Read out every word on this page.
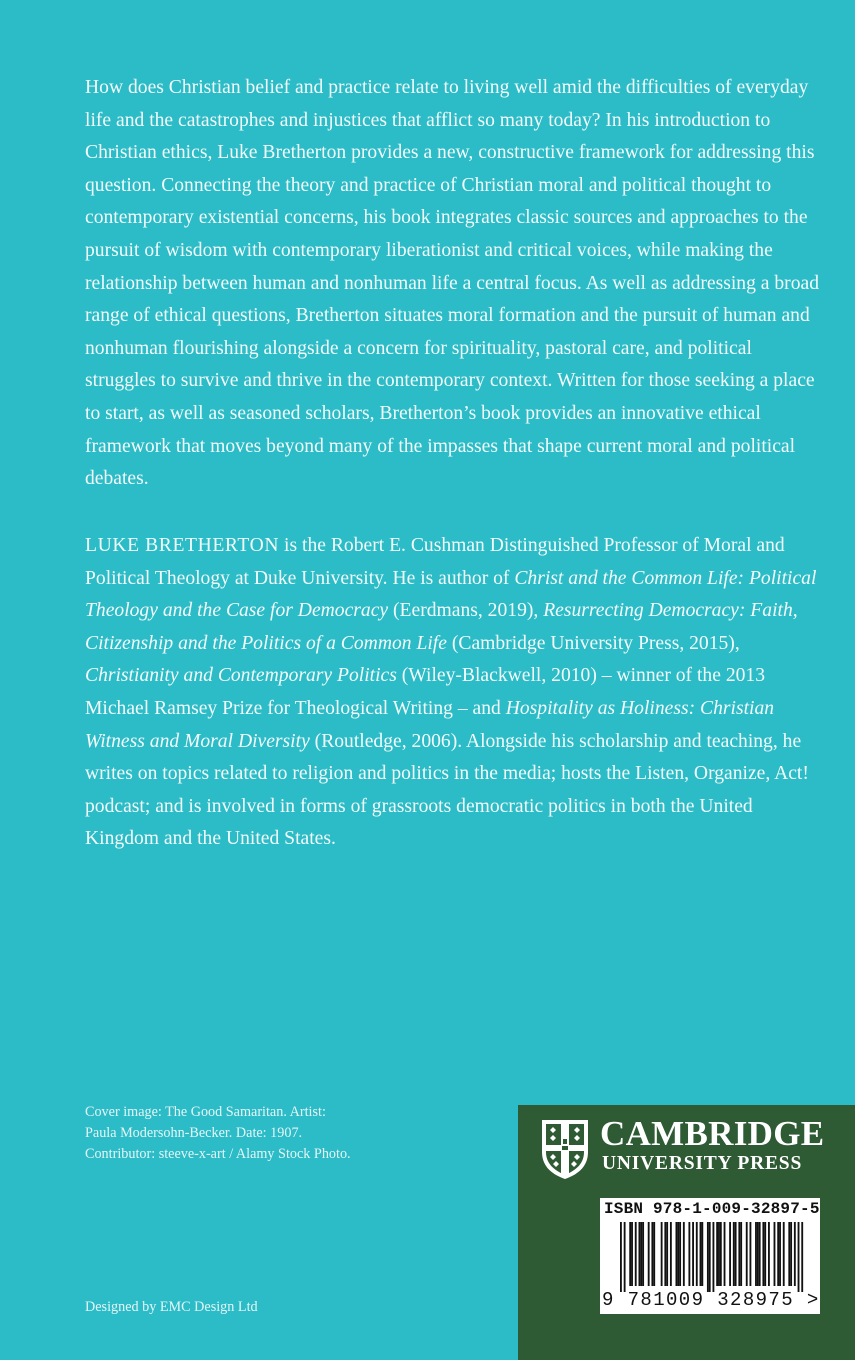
How does Christian belief and practice relate to living well amid the difficulties of everyday life and the catastrophes and injustices that afflict so many today? In his introduction to Christian ethics, Luke Bretherton provides a new, constructive framework for addressing this question. Connecting the theory and practice of Christian moral and political thought to contemporary existential concerns, his book integrates classic sources and approaches to the pursuit of wisdom with contemporary liberationist and critical voices, while making the relationship between human and nonhuman life a central focus. As well as addressing a broad range of ethical questions, Bretherton situates moral formation and the pursuit of human and nonhuman flourishing alongside a concern for spirituality, pastoral care, and political struggles to survive and thrive in the contemporary context. Written for those seeking a place to start, as well as seasoned scholars, Bretherton’s book provides an innovative ethical framework that moves beyond many of the impasses that shape current moral and political debates.

LUKE BRETHERTON is the Robert E. Cushman Distinguished Professor of Moral and Political Theology at Duke University. He is author of Christ and the Common Life: Political Theology and the Case for Democracy (Eerdmans, 2019), Resurrecting Democracy: Faith, Citizenship and the Politics of a Common Life (Cambridge University Press, 2015), Christianity and Contemporary Politics (Wiley-Blackwell, 2010) – winner of the 2013 Michael Ramsey Prize for Theological Writing – and Hospitality as Holiness: Christian Witness and Moral Diversity (Routledge, 2006). Alongside his scholarship and teaching, he writes on topics related to religion and politics in the media; hosts the Listen, Organize, Act! podcast; and is involved in forms of grassroots democratic politics in both the United Kingdom and the United States.

Cover image: The Good Samaritan. Artist:
Paula Modersohn-Becker. Date: 1907.
Contributor: steeve-x-art / Alamy Stock Photo.
Designed by EMC Design Ltd
CAMBRIDGE
UNIVERSITY PRESS
ISBN 978-1-009-32897-5
9 781009 328975 >
